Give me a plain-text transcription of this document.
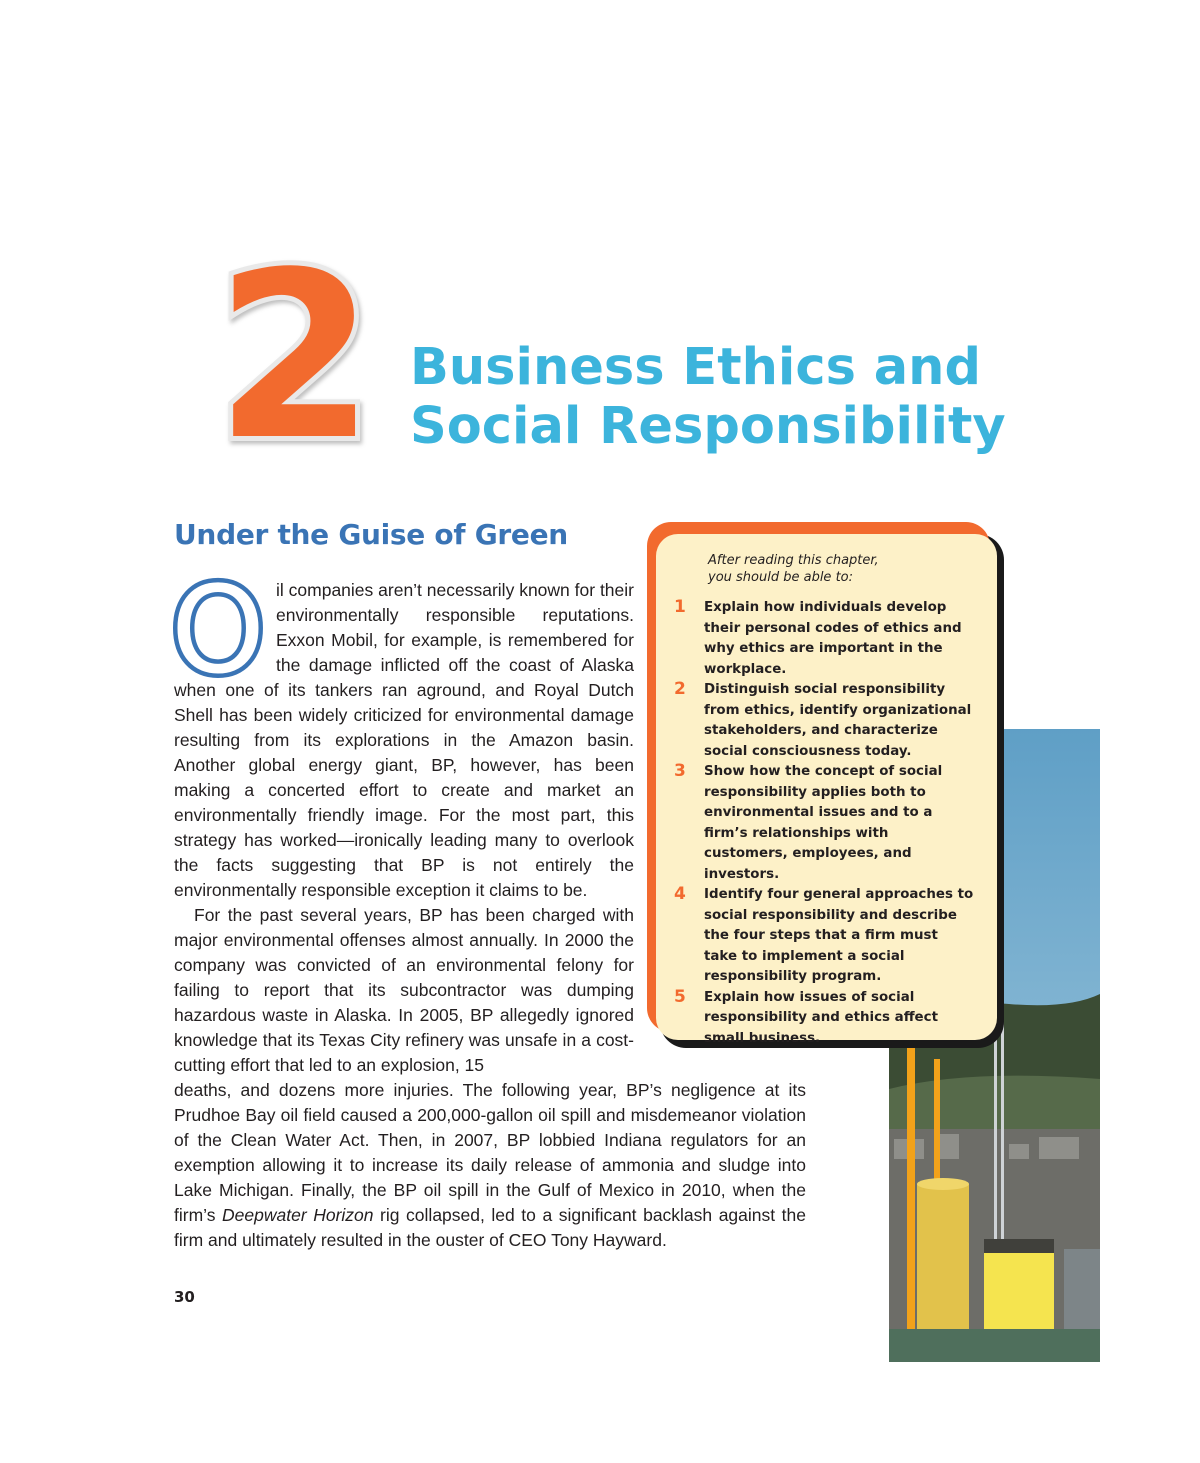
2 Business Ethics and
Social Responsibility
Under the Guise of Green
O il companies aren’t necessarily known for their environmentally responsible reputations. Exxon Mobil, for example, is remembered for the damage inflicted off the coast of Alaska when one of its tankers ran aground, and Royal Dutch Shell has been widely criticized for environmental damage resulting from its explorations in the Amazon basin. Another global energy giant, BP, however, has been making a concerted effort to create and market an environmentally friendly image. For the most part, this strategy has worked—ironically leading many to overlook the facts suggesting that BP is not entirely the environmentally responsible exception it claims to be.

For the past several years, BP has been charged with major environmental offenses almost annually. In 2000 the company was convicted of an environmental felony for failing to report that its subcontractor was dumping hazardous waste in Alaska. In 2005, BP allegedly ignored knowledge that its Texas City refinery was unsafe in a cost-cutting effort that led to an explosion, 15

deaths, and dozens more injuries. The following year, BP’s negligence at its Prudhoe Bay oil field caused a 200,000-gallon oil spill and misdemeanor violation of the Clean Water Act. Then, in 2007, BP lobbied Indiana regulators for an exemption allowing it to increase its daily release of ammonia and sludge into Lake Michigan. Finally, the BP oil spill in the Gulf of Mexico in 2010, when the firm’s Deepwater Horizon rig collapsed, led to a significant backlash against the firm and ultimately resulted in the ouster of CEO Tony Hayward.

30

After reading this chapter,
you should be able to:

1 Explain how individuals develop their personal codes of ethics and why ethics are important in the workplace.
2 Distinguish social responsibility from ethics, identify organizational stakeholders, and characterize social consciousness today.
3 Show how the concept of social responsibility applies both to environmental issues and to a firm’s relationships with customers, employees, and investors.
4 Identify four general approaches to social responsibility and describe the four steps that a firm must take to implement a social responsibility program.
5 Explain how issues of social responsibility and ethics affect small business.
